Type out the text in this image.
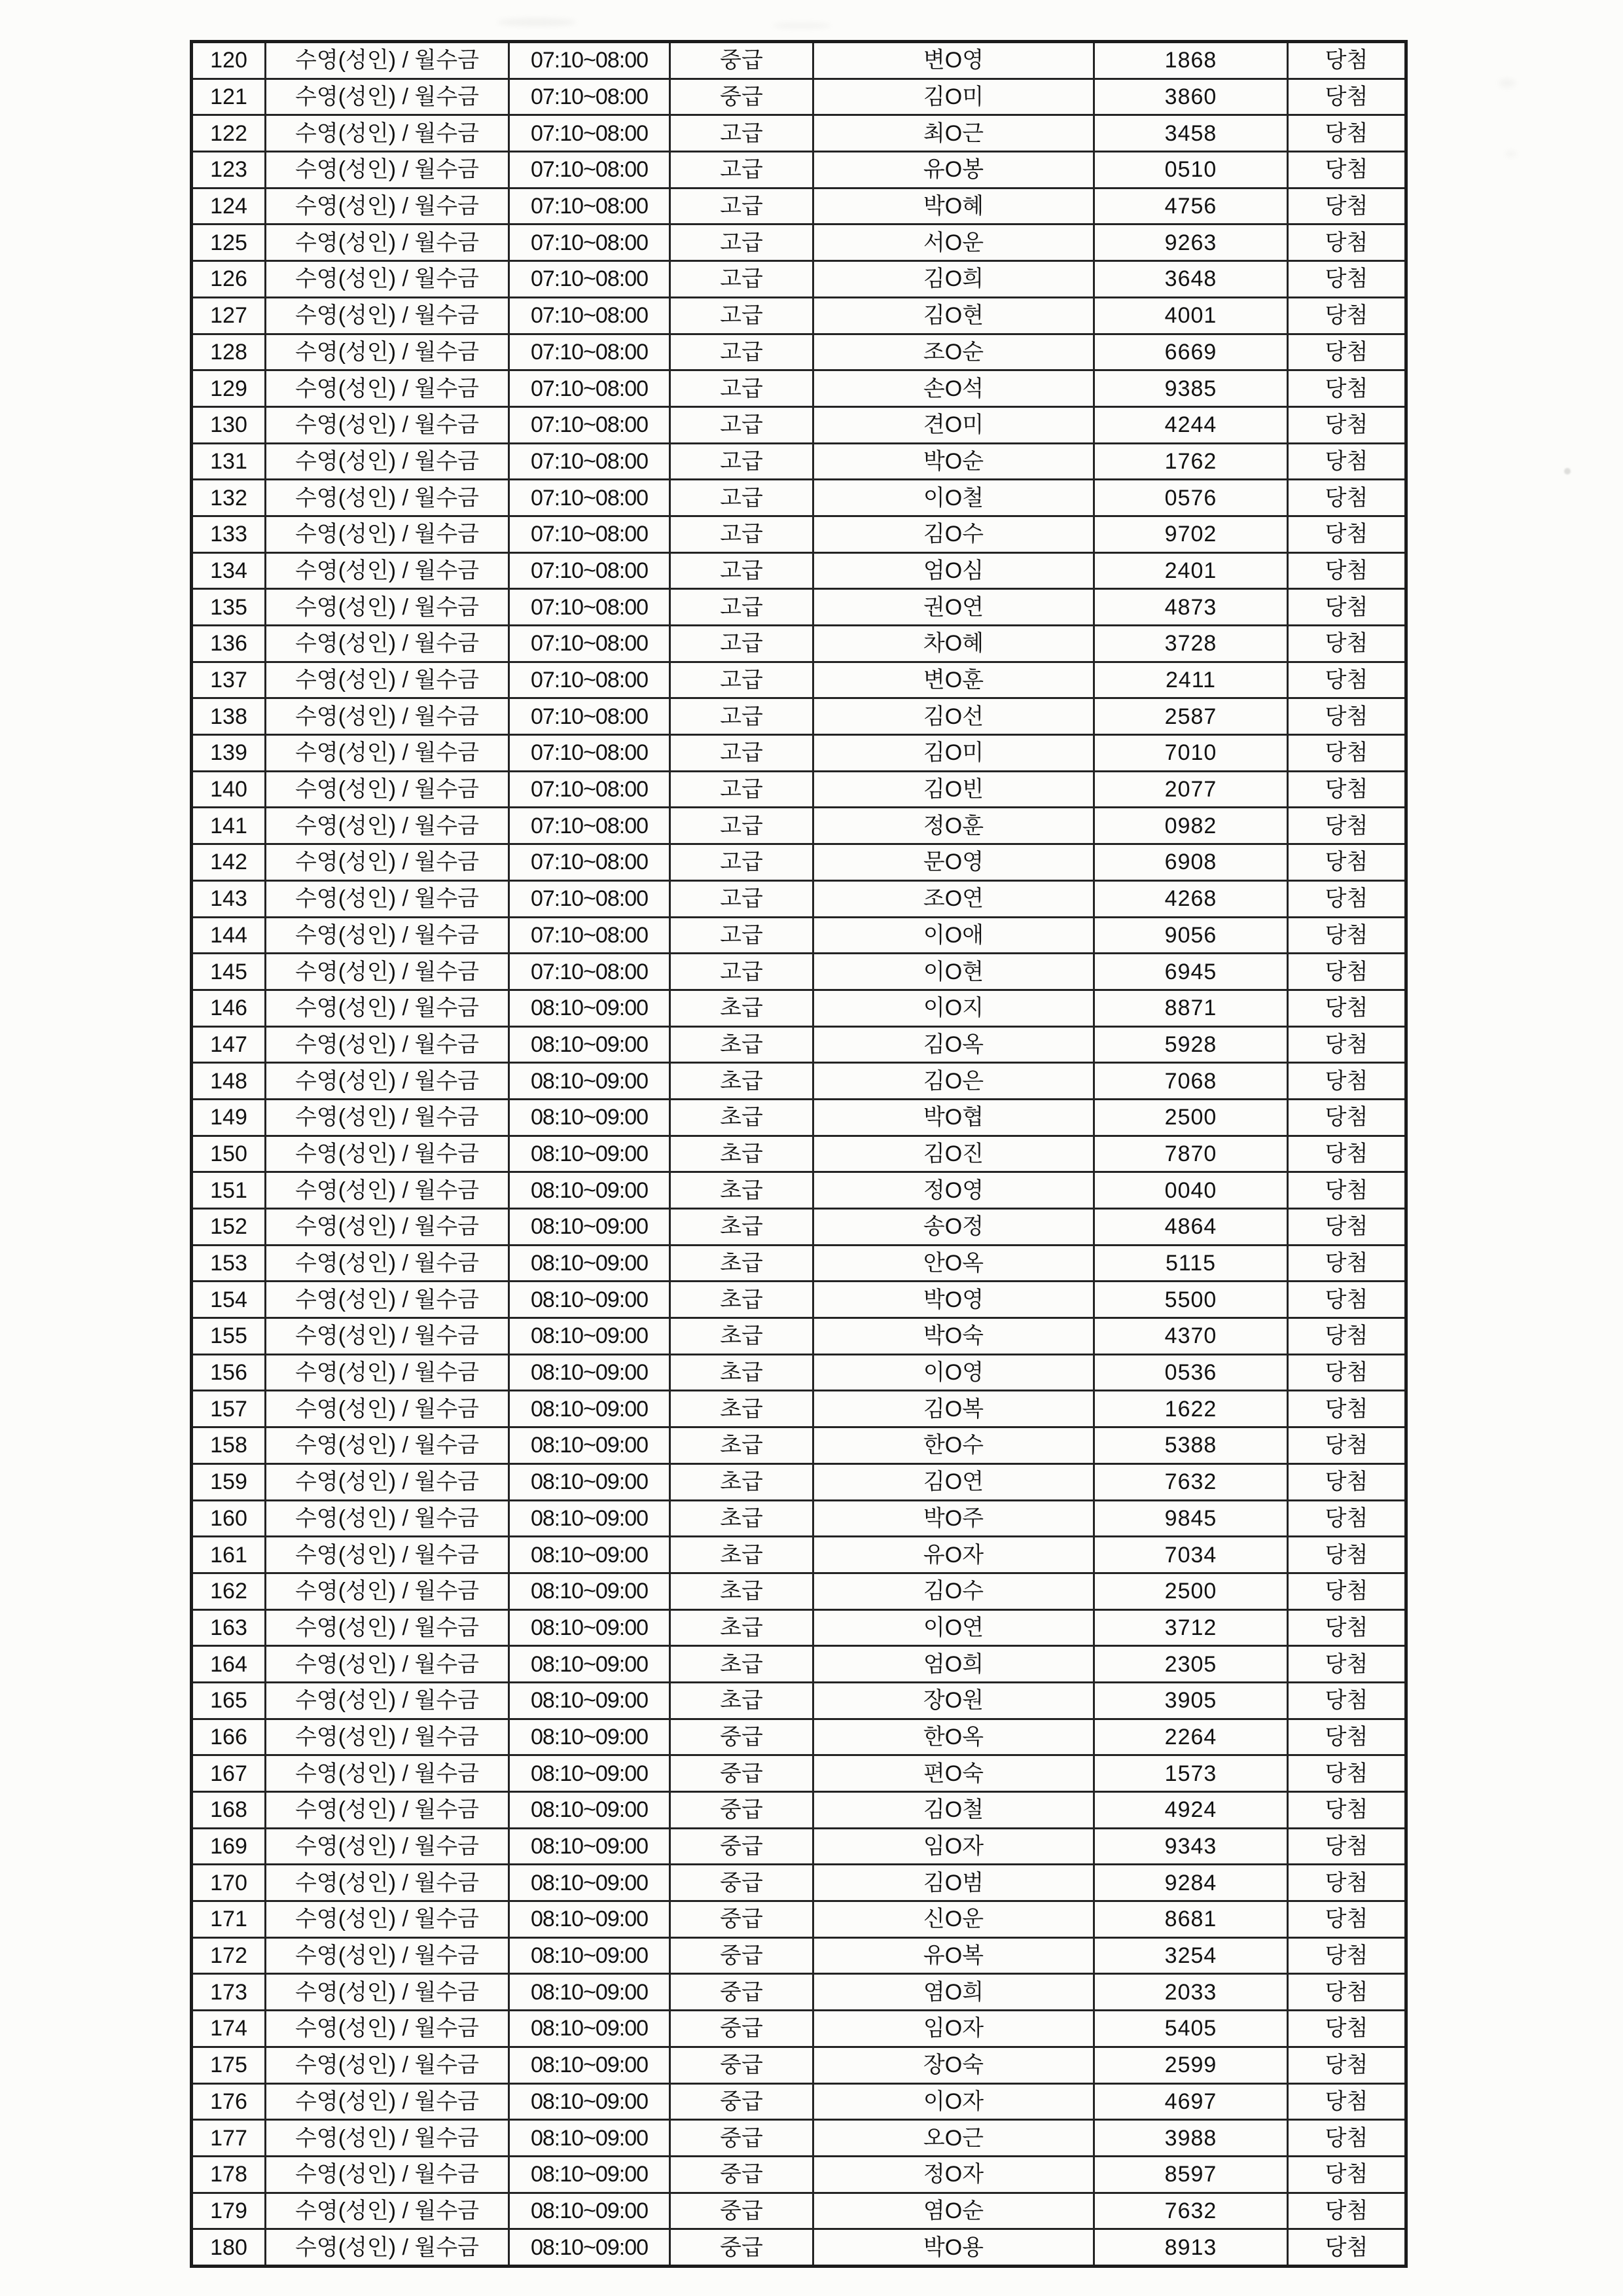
120	수영(성인) / 월수금	07:10~08:00	중급	변O영	1868	당첨
121	수영(성인) / 월수금	07:10~08:00	중급	김O미	3860	당첨
122	수영(성인) / 월수금	07:10~08:00	고급	최O근	3458	당첨
123	수영(성인) / 월수금	07:10~08:00	고급	유O봉	0510	당첨
124	수영(성인) / 월수금	07:10~08:00	고급	박O혜	4756	당첨
125	수영(성인) / 월수금	07:10~08:00	고급	서O운	9263	당첨
126	수영(성인) / 월수금	07:10~08:00	고급	김O희	3648	당첨
127	수영(성인) / 월수금	07:10~08:00	고급	김O현	4001	당첨
128	수영(성인) / 월수금	07:10~08:00	고급	조O순	6669	당첨
129	수영(성인) / 월수금	07:10~08:00	고급	손O석	9385	당첨
130	수영(성인) / 월수금	07:10~08:00	고급	견O미	4244	당첨
131	수영(성인) / 월수금	07:10~08:00	고급	박O순	1762	당첨
132	수영(성인) / 월수금	07:10~08:00	고급	이O철	0576	당첨
133	수영(성인) / 월수금	07:10~08:00	고급	김O수	9702	당첨
134	수영(성인) / 월수금	07:10~08:00	고급	엄O심	2401	당첨
135	수영(성인) / 월수금	07:10~08:00	고급	권O연	4873	당첨
136	수영(성인) / 월수금	07:10~08:00	고급	차O혜	3728	당첨
137	수영(성인) / 월수금	07:10~08:00	고급	변O훈	2411	당첨
138	수영(성인) / 월수금	07:10~08:00	고급	김O선	2587	당첨
139	수영(성인) / 월수금	07:10~08:00	고급	김O미	7010	당첨
140	수영(성인) / 월수금	07:10~08:00	고급	김O빈	2077	당첨
141	수영(성인) / 월수금	07:10~08:00	고급	정O훈	0982	당첨
142	수영(성인) / 월수금	07:10~08:00	고급	문O영	6908	당첨
143	수영(성인) / 월수금	07:10~08:00	고급	조O연	4268	당첨
144	수영(성인) / 월수금	07:10~08:00	고급	이O애	9056	당첨
145	수영(성인) / 월수금	07:10~08:00	고급	이O현	6945	당첨
146	수영(성인) / 월수금	08:10~09:00	초급	이O지	8871	당첨
147	수영(성인) / 월수금	08:10~09:00	초급	김O옥	5928	당첨
148	수영(성인) / 월수금	08:10~09:00	초급	김O은	7068	당첨
149	수영(성인) / 월수금	08:10~09:00	초급	박O협	2500	당첨
150	수영(성인) / 월수금	08:10~09:00	초급	김O진	7870	당첨
151	수영(성인) / 월수금	08:10~09:00	초급	정O영	0040	당첨
152	수영(성인) / 월수금	08:10~09:00	초급	송O정	4864	당첨
153	수영(성인) / 월수금	08:10~09:00	초급	안O옥	5115	당첨
154	수영(성인) / 월수금	08:10~09:00	초급	박O영	5500	당첨
155	수영(성인) / 월수금	08:10~09:00	초급	박O숙	4370	당첨
156	수영(성인) / 월수금	08:10~09:00	초급	이O영	0536	당첨
157	수영(성인) / 월수금	08:10~09:00	초급	김O복	1622	당첨
158	수영(성인) / 월수금	08:10~09:00	초급	한O수	5388	당첨
159	수영(성인) / 월수금	08:10~09:00	초급	김O연	7632	당첨
160	수영(성인) / 월수금	08:10~09:00	초급	박O주	9845	당첨
161	수영(성인) / 월수금	08:10~09:00	초급	유O자	7034	당첨
162	수영(성인) / 월수금	08:10~09:00	초급	김O수	2500	당첨
163	수영(성인) / 월수금	08:10~09:00	초급	이O연	3712	당첨
164	수영(성인) / 월수금	08:10~09:00	초급	엄O희	2305	당첨
165	수영(성인) / 월수금	08:10~09:00	초급	장O원	3905	당첨
166	수영(성인) / 월수금	08:10~09:00	중급	한O옥	2264	당첨
167	수영(성인) / 월수금	08:10~09:00	중급	편O숙	1573	당첨
168	수영(성인) / 월수금	08:10~09:00	중급	김O철	4924	당첨
169	수영(성인) / 월수금	08:10~09:00	중급	임O자	9343	당첨
170	수영(성인) / 월수금	08:10~09:00	중급	김O범	9284	당첨
171	수영(성인) / 월수금	08:10~09:00	중급	신O운	8681	당첨
172	수영(성인) / 월수금	08:10~09:00	중급	유O복	3254	당첨
173	수영(성인) / 월수금	08:10~09:00	중급	염O희	2033	당첨
174	수영(성인) / 월수금	08:10~09:00	중급	임O자	5405	당첨
175	수영(성인) / 월수금	08:10~09:00	중급	장O숙	2599	당첨
176	수영(성인) / 월수금	08:10~09:00	중급	이O자	4697	당첨
177	수영(성인) / 월수금	08:10~09:00	중급	오O근	3988	당첨
178	수영(성인) / 월수금	08:10~09:00	중급	정O자	8597	당첨
179	수영(성인) / 월수금	08:10~09:00	중급	염O순	7632	당첨
180	수영(성인) / 월수금	08:10~09:00	중급	박O용	8913	당첨
